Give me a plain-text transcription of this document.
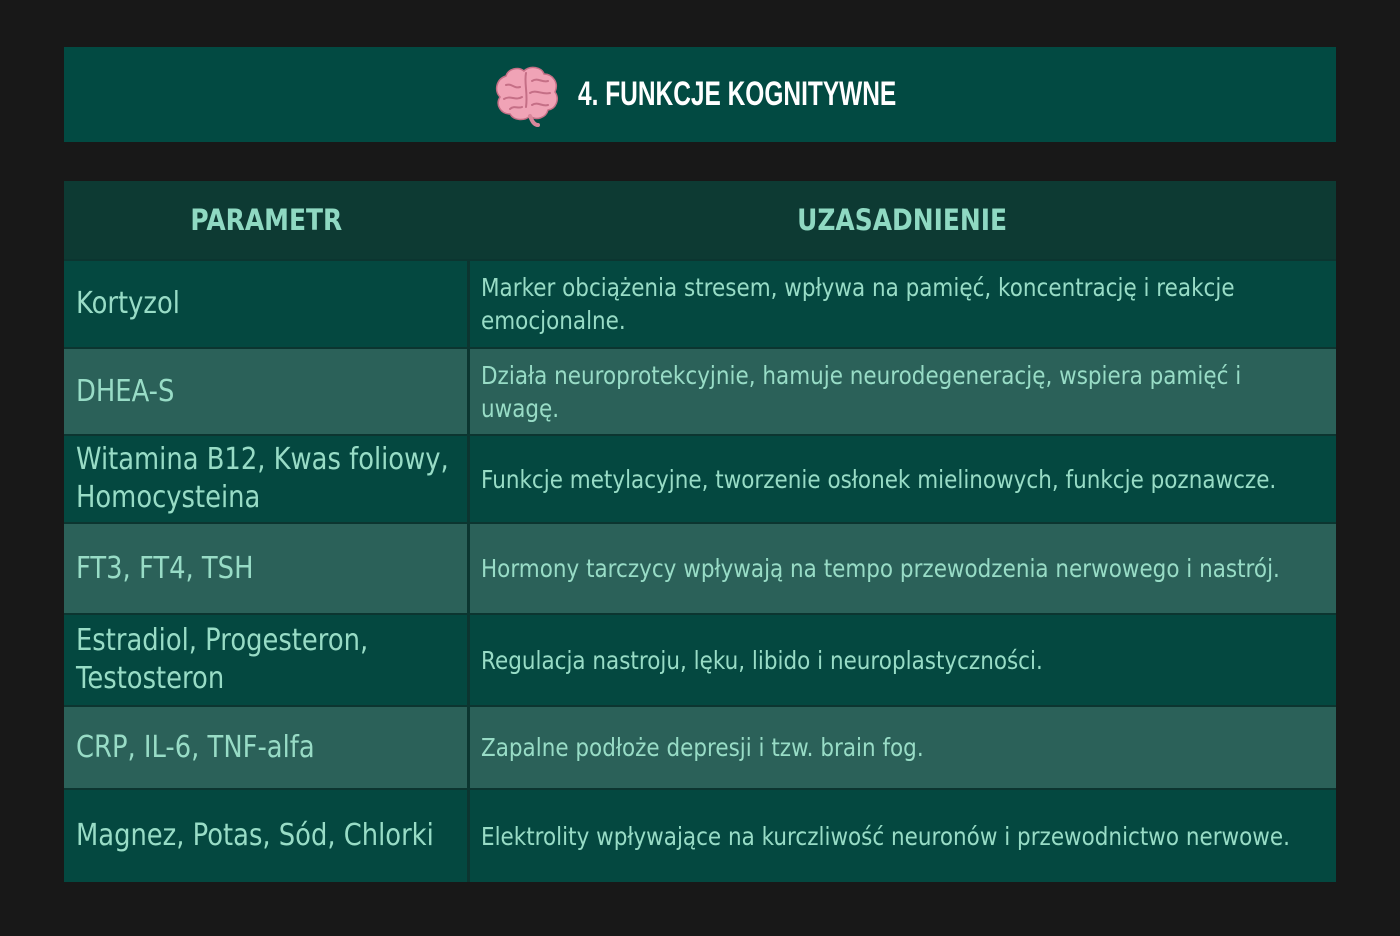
4. FUNKCJE KOGNITYWNE
PARAMETR	UZASADNIENIE
Kortyzol	Marker obciążenia stresem, wpływa na pamięć, koncentrację i reakcje emocjonalne.
DHEA-S	Działa neuroprotekcyjnie, hamuje neurodegenerację, wspiera pamięć i uwagę.
Witamina B12, Kwas foliowy, Homocysteina	Funkcje metylacyjne, tworzenie osłonek mielinowych, funkcje poznawcze.
FT3, FT4, TSH	Hormony tarczycy wpływają na tempo przewodzenia nerwowego i nastrój.
Estradiol, Progesteron, Testosteron	Regulacja nastroju, lęku, libido i neuroplastyczności.
CRP, IL-6, TNF-alfa	Zapalne podłoże depresji i tzw. brain fog.
Magnez, Potas, Sód, Chlorki	Elektrolity wpływające na kurczliwość neuronów i przewodnictwo nerwowe.
